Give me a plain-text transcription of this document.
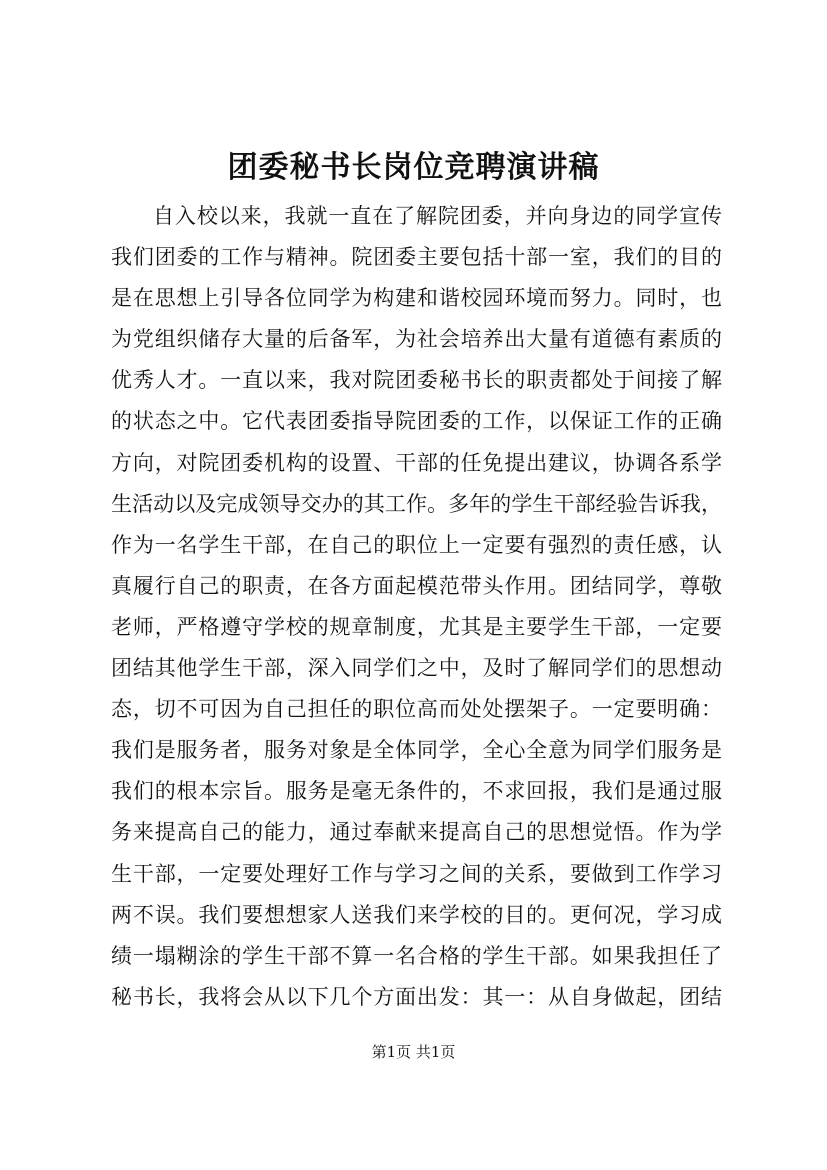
团委秘书长岗位竞聘演讲稿
自入校以来，我就一直在了解院团委，并向身边的同学宣传
我们团委的工作与精神。院团委主要包括十部一室，我们的目的
是在思想上引导各位同学为构建和谐校园环境而努力。同时，也
为党组织储存大量的后备军，为社会培养出大量有道德有素质的
优秀人才。一直以来，我对院团委秘书长的职责都处于间接了解
的状态之中。它代表团委指导院团委的工作，以保证工作的正确
方向，对院团委机构的设置、干部的任免提出建议，协调各系学
生活动以及完成领导交办的其工作。多年的学生干部经验告诉我，
作为一名学生干部，在自己的职位上一定要有强烈的责任感，认
真履行自己的职责，在各方面起模范带头作用。团结同学，尊敬
老师，严格遵守学校的规章制度，尤其是主要学生干部，一定要
团结其他学生干部，深入同学们之中，及时了解同学们的思想动
态，切不可因为自己担任的职位高而处处摆架子。一定要明确：
我们是服务者，服务对象是全体同学，全心全意为同学们服务是
我们的根本宗旨。服务是毫无条件的，不求回报，我们是通过服
务来提高自己的能力，通过奉献来提高自己的思想觉悟。作为学
生干部，一定要处理好工作与学习之间的关系，要做到工作学习
两不误。我们要想想家人送我们来学校的目的。更何况，学习成
绩一塌糊涂的学生干部不算一名合格的学生干部。如果我担任了
秘书长，我将会从以下几个方面出发：其一：从自身做起，团结
第1页 共1页
